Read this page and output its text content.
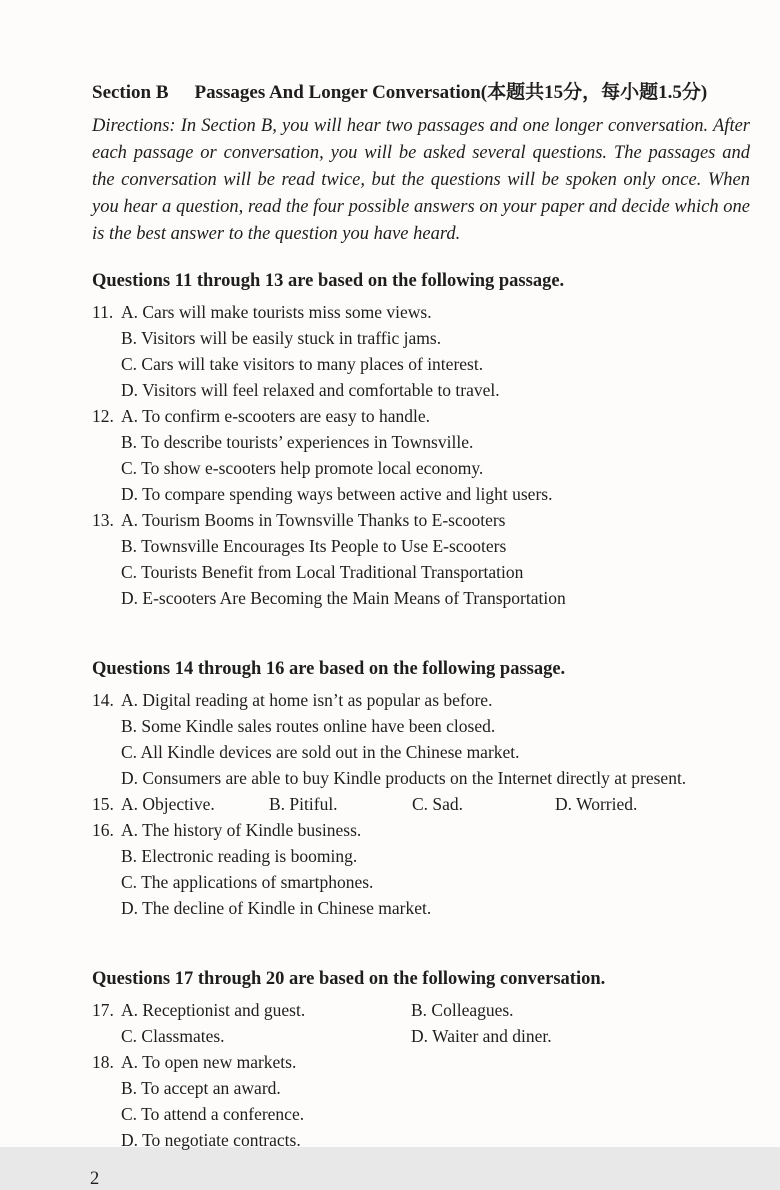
Section B Passages And Longer Conversation(本题共15分，每小题1.5分)
Directions: In Section B, you will hear two passages and one longer conversation. After each passage or conversation, you will be asked several questions. The passages and the conversation will be read twice, but the questions will be spoken only once. When you hear a question, read the four possible answers on your paper and decide which one is the best answer to the question you have heard.
Questions 11 through 13 are based on the following passage.
11. A. Cars will make tourists miss some views.
B. Visitors will be easily stuck in traffic jams.
C. Cars will take visitors to many places of interest.
D. Visitors will feel relaxed and comfortable to travel.
12. A. To confirm e-scooters are easy to handle.
B. To describe tourists’ experiences in Townsville.
C. To show e-scooters help promote local economy.
D. To compare spending ways between active and light users.
13. A. Tourism Booms in Townsville Thanks to E-scooters
B. Townsville Encourages Its People to Use E-scooters
C. Tourists Benefit from Local Traditional Transportation
D. E-scooters Are Becoming the Main Means of Transportation
Questions 14 through 16 are based on the following passage.
14. A. Digital reading at home isn’t as popular as before.
B. Some Kindle sales routes online have been closed.
C. All Kindle devices are sold out in the Chinese market.
D. Consumers are able to buy Kindle products on the Internet directly at present.
15. A. Objective.	B. Pitiful.	C. Sad.	D. Worried.
16. A. The history of Kindle business.
B. Electronic reading is booming.
C. The applications of smartphones.
D. The decline of Kindle in Chinese market.
Questions 17 through 20 are based on the following conversation.
17. A. Receptionist and guest.	B. Colleagues.
C. Classmates.	D. Waiter and diner.
18. A. To open new markets.
B. To accept an award.
C. To attend a conference.
D. To negotiate contracts.
2
